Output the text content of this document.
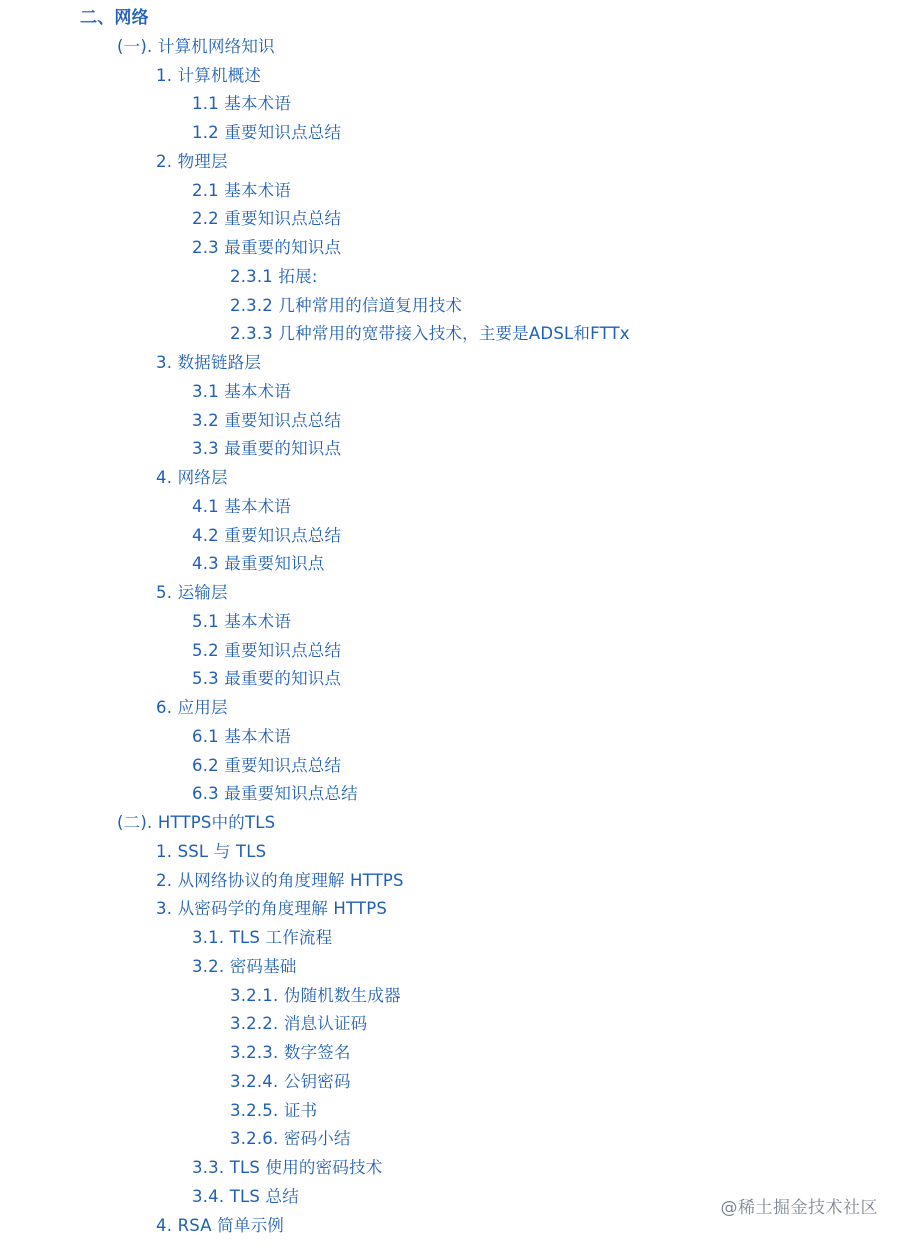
二、网络
(一). 计算机网络知识
1. 计算机概述
1.1 基本术语
1.2 重要知识点总结
2. 物理层
2.1 基本术语
2.2 重要知识点总结
2.3 最重要的知识点
2.3.1 拓展:
2.3.2 几种常用的信道复用技术
2.3.3 几种常用的宽带接入技术，主要是ADSL和FTTx
3. 数据链路层
3.1 基本术语
3.2 重要知识点总结
3.3 最重要的知识点
4. 网络层
4.1 基本术语
4.2 重要知识点总结
4.3 最重要知识点
5. 运输层
5.1 基本术语
5.2 重要知识点总结
5.3 最重要的知识点
6. 应用层
6.1 基本术语
6.2 重要知识点总结
6.3 最重要知识点总结
(二). HTTPS中的TLS
1. SSL 与 TLS
2. 从网络协议的角度理解 HTTPS
3. 从密码学的角度理解 HTTPS
3.1. TLS 工作流程
3.2. 密码基础
3.2.1. 伪随机数生成器
3.2.2. 消息认证码
3.2.3. 数字签名
3.2.4. 公钥密码
3.2.5. 证书
3.2.6. 密码小结
3.3. TLS 使用的密码技术
3.4. TLS 总结
4. RSA 简单示例
@稀土掘金技术社区
